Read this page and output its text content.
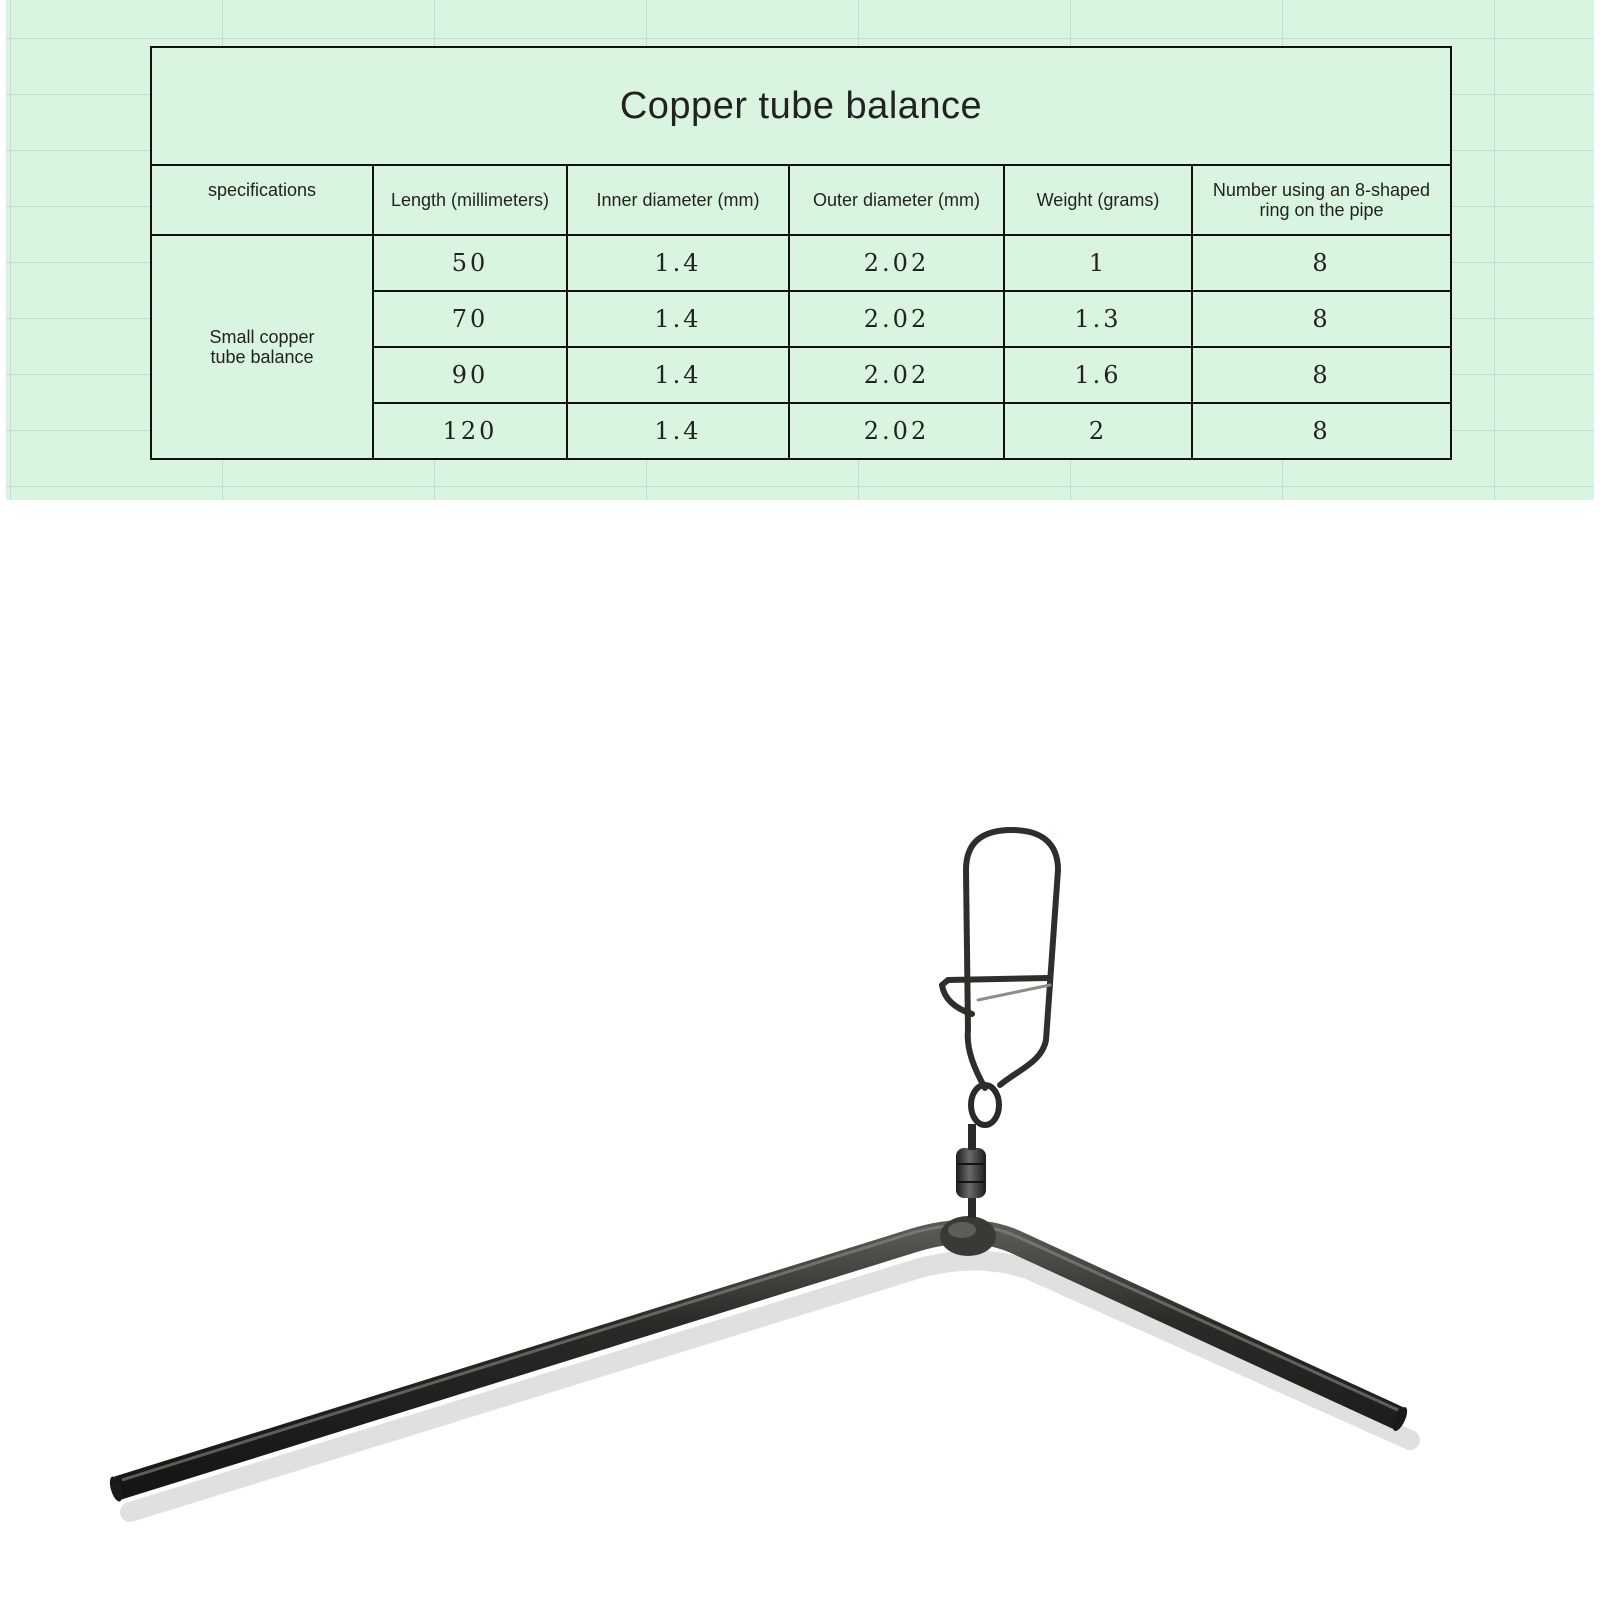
Copper tube balance					
specifications	Length (millimeters)	Inner diameter (mm)	Outer diameter (mm)	Weight (grams)	Number using an 8-shaped ring on the pipe
Small copper tube balance	50	1.4	2.02	1	8
	70	1.4	2.02	1.3	8
	90	1.4	2.02	1.6	8
	120	1.4	2.02	2	8
